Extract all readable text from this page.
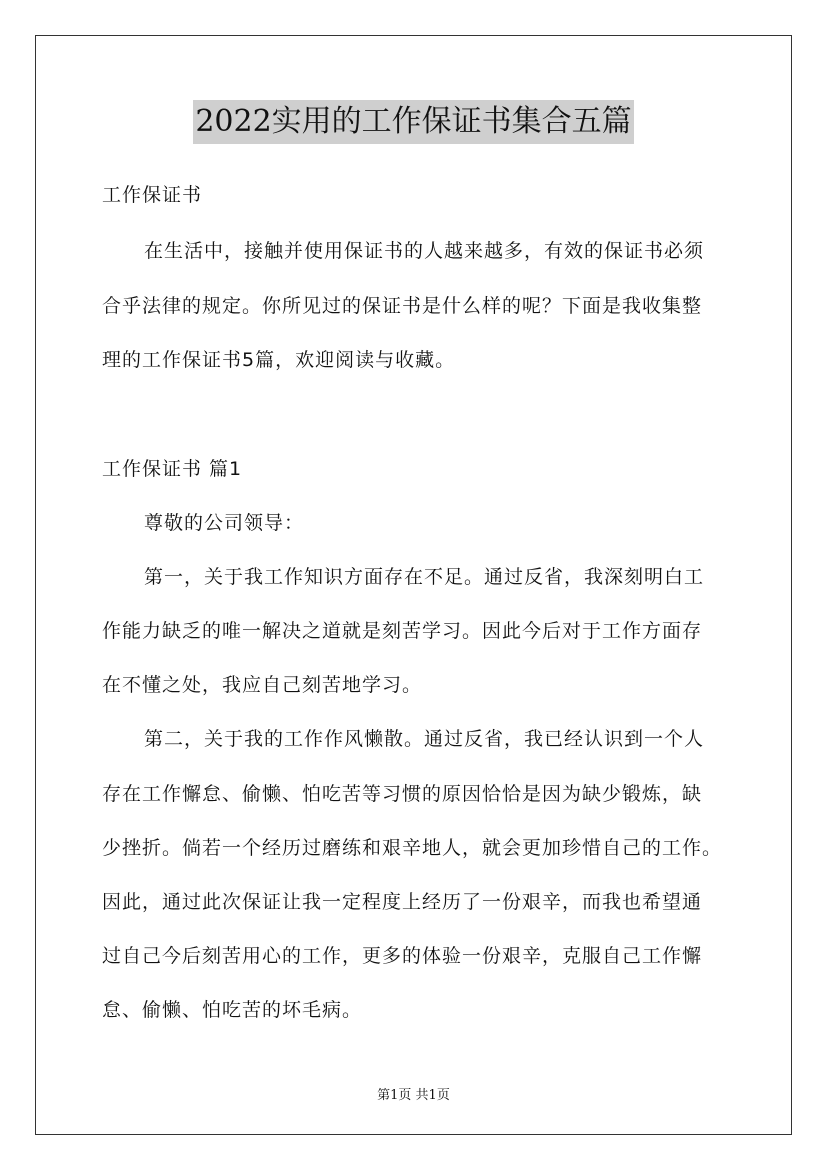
2022实用的工作保证书集合五篇
工作保证书
在生活中，接触并使用保证书的人越来越多，有效的保证书必须
合乎法律的规定。你所见过的保证书是什么样的呢？下面是我收集整
理的工作保证书5篇，欢迎阅读与收藏。
工作保证书 篇1
尊敬的公司领导：
第一，关于我工作知识方面存在不足。通过反省，我深刻明白工
作能力缺乏的唯一解决之道就是刻苦学习。因此今后对于工作方面存
在不懂之处，我应自己刻苦地学习。
第二，关于我的工作作风懒散。通过反省，我已经认识到一个人
存在工作懈怠、偷懒、怕吃苦等习惯的原因恰恰是因为缺少锻炼，缺
少挫折。倘若一个经历过磨练和艰辛地人，就会更加珍惜自己的工作。
因此，通过此次保证让我一定程度上经历了一份艰辛，而我也希望通
过自己今后刻苦用心的工作，更多的体验一份艰辛，克服自己工作懈
怠、偷懒、怕吃苦的坏毛病。
第1页 共1页
